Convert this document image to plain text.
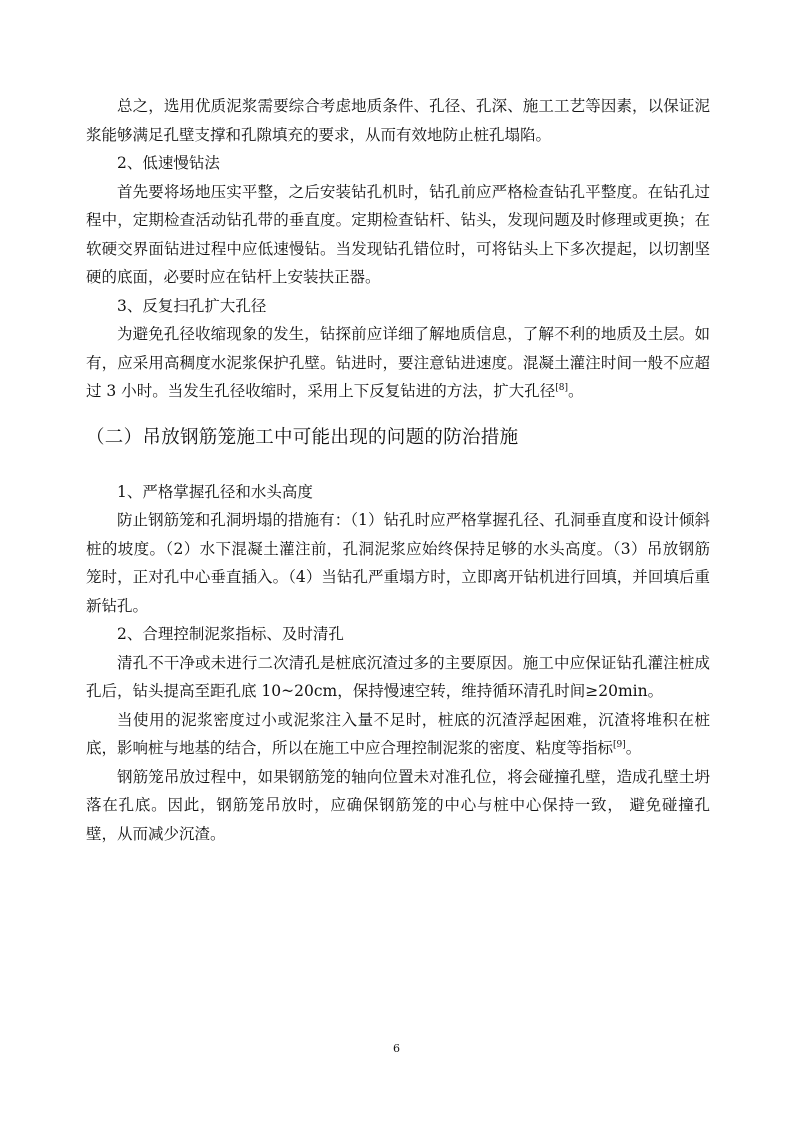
总之，选用优质泥浆需要综合考虑地质条件、孔径、孔深、施工工艺等因素，以保证泥浆能够满足孔壁支撑和孔隙填充的要求，从而有效地防止桩孔塌陷。

2、低速慢钻法

首先要将场地压实平整，之后安装钻孔机时，钻孔前应严格检查钻孔平整度。在钻孔过程中，定期检查活动钻孔带的垂直度。定期检查钻杆、钻头，发现问题及时修理或更换；在软硬交界面钻进过程中应低速慢钻。当发现钻孔错位时，可将钻头上下多次提起，以切割坚硬的底面，必要时应在钻杆上安装扶正器。

3、反复扫孔扩大孔径

为避免孔径收缩现象的发生，钻探前应详细了解地质信息，了解不利的地质及土层。如有，应采用高稠度水泥浆保护孔壁。钻进时，要注意钻进速度。混凝土灌注时间一般不应超过 3 小时。当发生孔径收缩时，采用上下反复钻进的方法，扩大孔径[8]。

（二）吊放钢筋笼施工中可能出现的问题的防治措施

1、严格掌握孔径和水头高度

防止钢筋笼和孔洞坍塌的措施有：（1）钻孔时应严格掌握孔径、孔洞垂直度和设计倾斜桩的坡度。（2）水下混凝土灌注前，孔洞泥浆应始终保持足够的水头高度。（3）吊放钢筋笼时，正对孔中心垂直插入。（4）当钻孔严重塌方时，立即离开钻机进行回填，并回填后重新钻孔。

2、合理控制泥浆指标、及时清孔

清孔不干净或未进行二次清孔是桩底沉渣过多的主要原因。施工中应保证钻孔灌注桩成孔后，钻头提高至距孔底 10~20cm，保持慢速空转，维持循环清孔时间≥20min。

当使用的泥浆密度过小或泥浆注入量不足时，桩底的沉渣浮起困难，沉渣将堆积在桩底，影响桩与地基的结合，所以在施工中应合理控制泥浆的密度、粘度等指标[9]。

钢筋笼吊放过程中，如果钢筋笼的轴向位置未对准孔位，将会碰撞孔壁，造成孔壁土坍落在孔底。因此，钢筋笼吊放时，应确保钢筋笼的中心与桩中心保持一致， 避免碰撞孔壁，从而减少沉渣。

6
